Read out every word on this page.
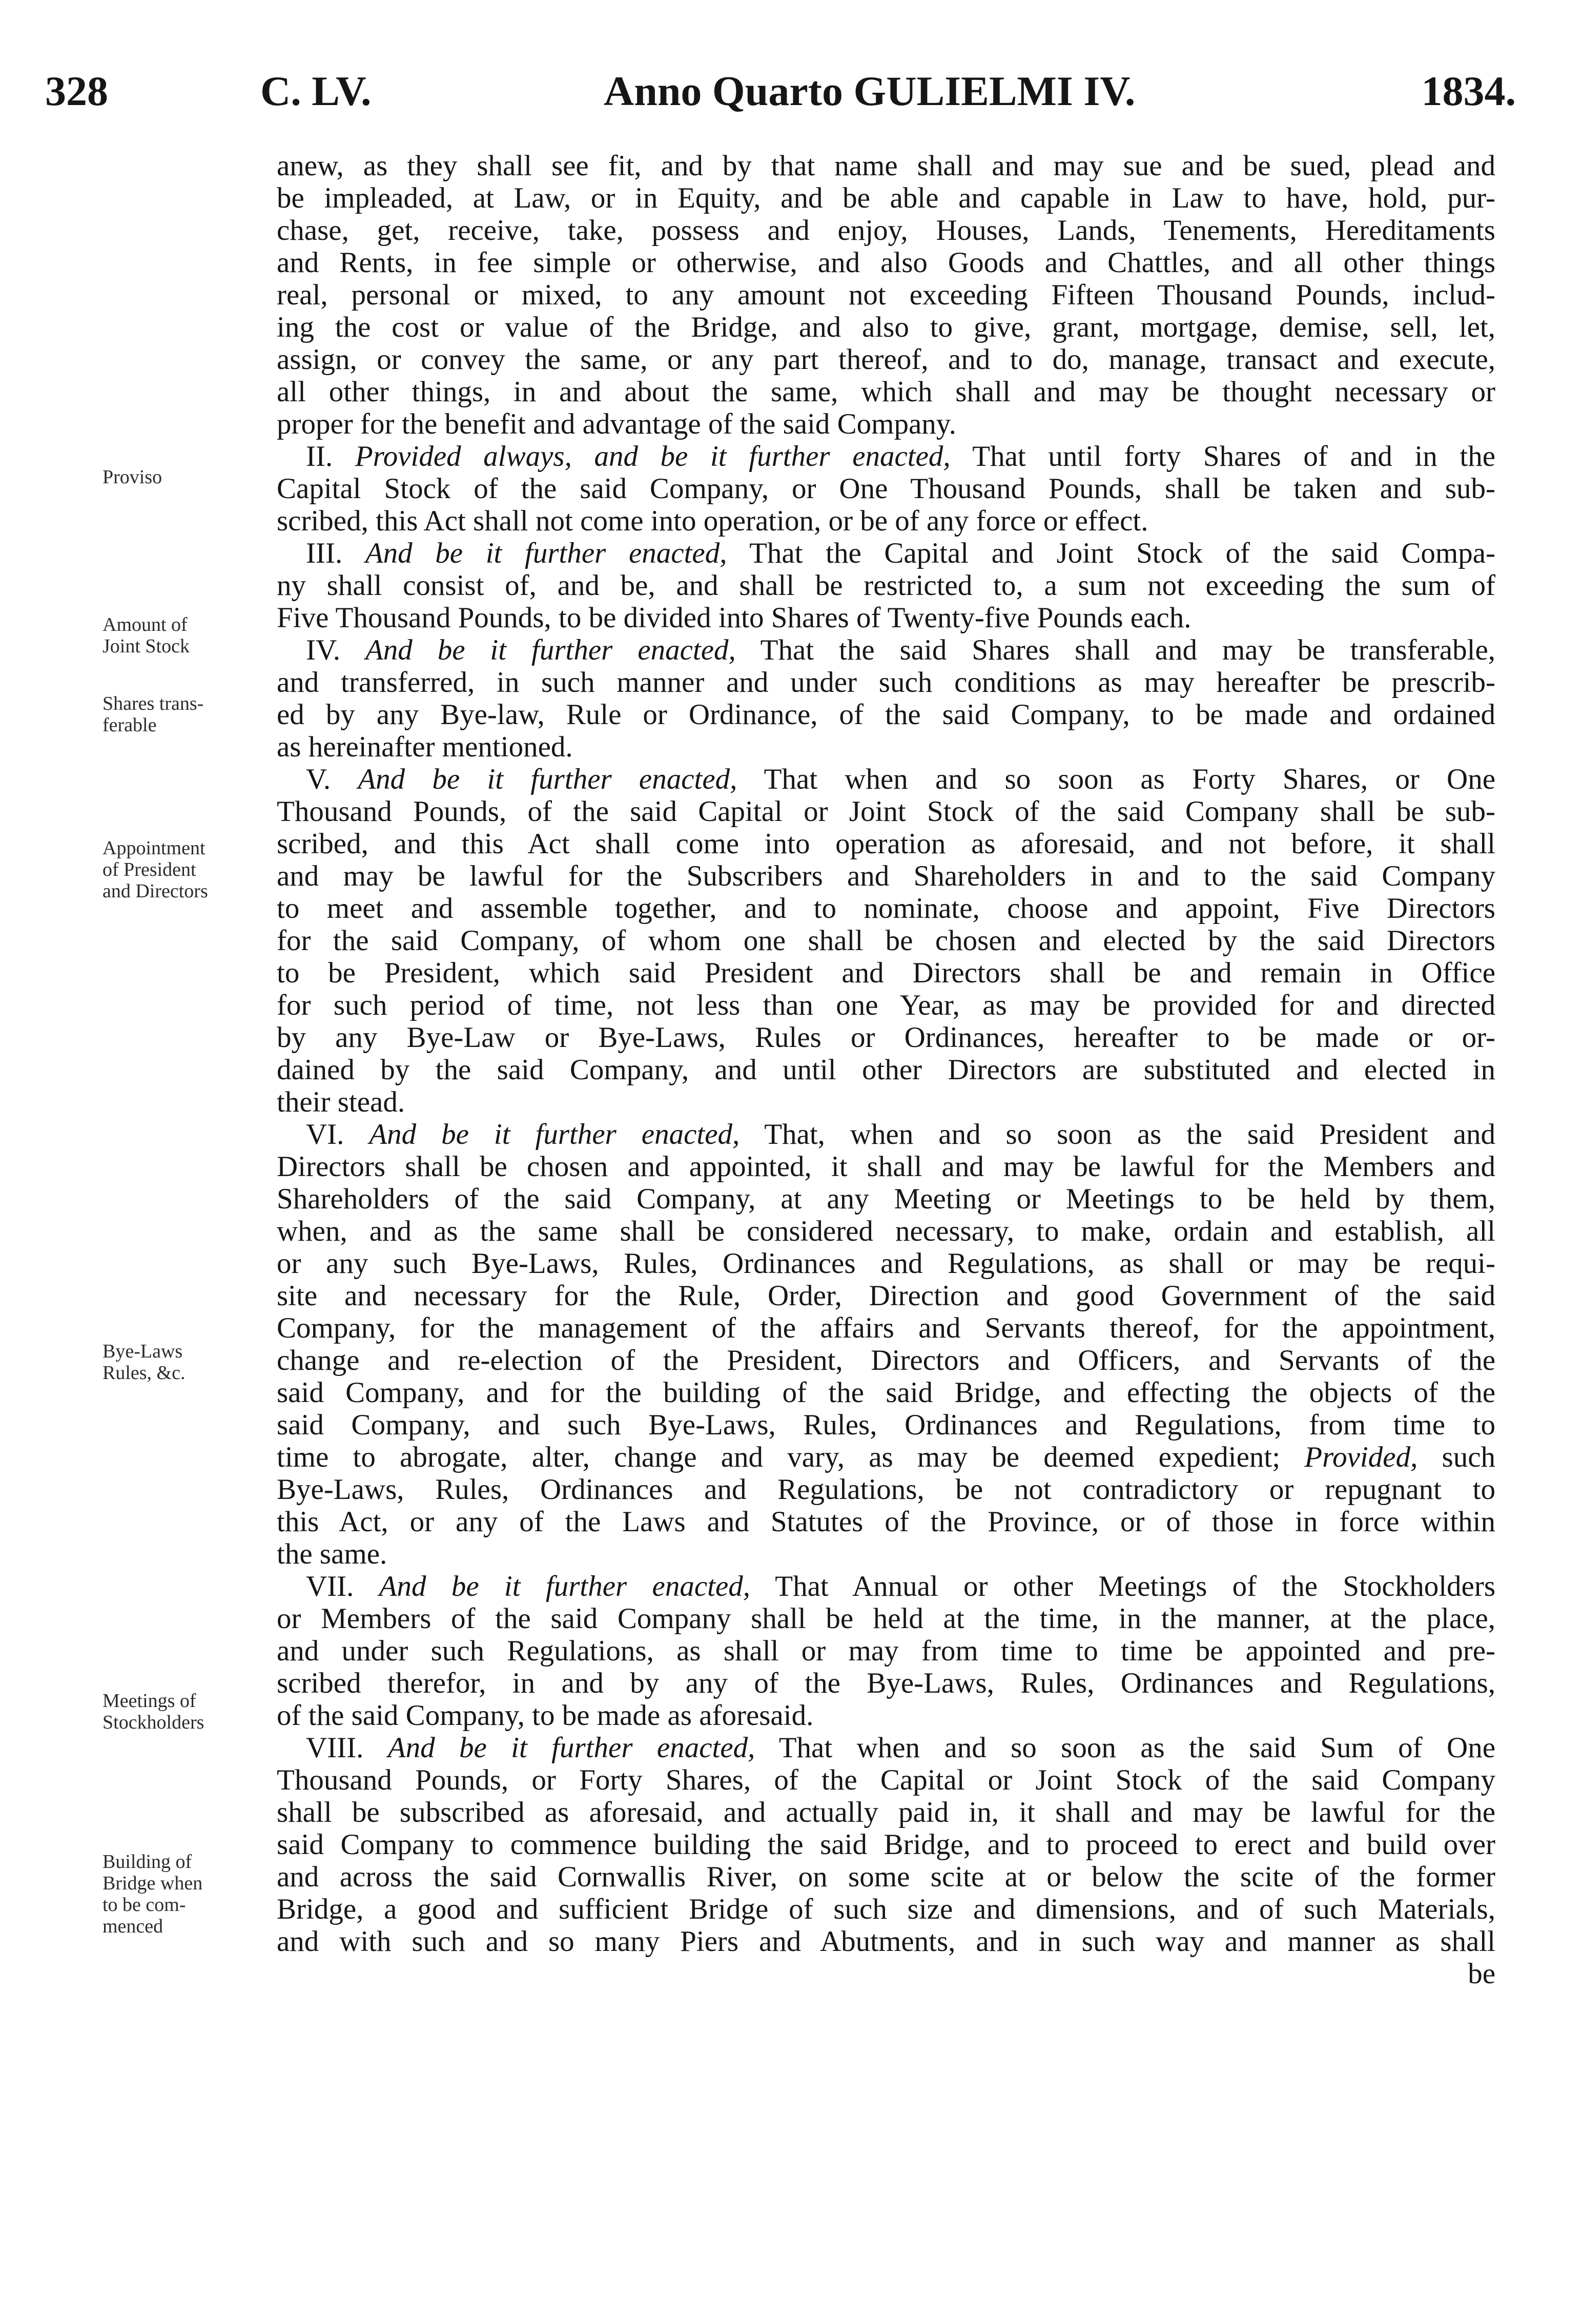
328	C. LV.	Anno Quarto GULIELMI IV.	1834.
Proviso
Amount of
Joint Stock
Shares trans-
ferable
Appointment
of President
and Directors
Bye-Laws
Rules, &c.
Meetings of
Stockholders
Building of
Bridge when
to be com-
menced
anew, as they shall see fit, and by that name shall and may sue and be sued, plead and
be impleaded, at Law, or in Equity, and be able and capable in Law to have, hold, pur-
chase, get, receive, take, possess and enjoy, Houses, Lands, Tenements, Hereditaments
and Rents, in fee simple or otherwise, and also Goods and Chattles, and all other things
real, personal or mixed, to any amount not exceeding Fifteen Thousand Pounds, includ-
ing the cost or value of the Bridge, and also to give, grant, mortgage, demise, sell, let,
assign, or convey the same, or any part thereof, and to do, manage, transact and execute,
all other things, in and about the same, which shall and may be thought necessary or
proper for the benefit and advantage of the said Company.
 II. Provided always, and be it further enacted, That until forty Shares of and in the
Capital Stock of the said Company, or One Thousand Pounds, shall be taken and sub-
scribed, this Act shall not come into operation, or be of any force or effect.
 III. And be it further enacted, That the Capital and Joint Stock of the said Compa-
ny shall consist of, and be, and shall be restricted to, a sum not exceeding the sum of
Five Thousand Pounds, to be divided into Shares of Twenty-five Pounds each.
 IV. And be it further enacted, That the said Shares shall and may be transferable,
and transferred, in such manner and under such conditions as may hereafter be prescrib-
ed by any Bye-law, Rule or Ordinance, of the said Company, to be made and ordained
as hereinafter mentioned.
 V. And be it further enacted, That when and so soon as Forty Shares, or One
Thousand Pounds, of the said Capital or Joint Stock of the said Company shall be sub-
scribed, and this Act shall come into operation as aforesaid, and not before, it shall
and may be lawful for the Subscribers and Shareholders in and to the said Company
to meet and assemble together, and to nominate, choose and appoint, Five Directors
for the said Company, of whom one shall be chosen and elected by the said Directors
to be President, which said President and Directors shall be and remain in Office
for such period of time, not less than one Year, as may be provided for and directed
by any Bye-Law or Bye-Laws, Rules or Ordinances, hereafter to be made or or-
dained by the said Company, and until other Directors are substituted and elected in
their stead.
 VI. And be it further enacted, That, when and so soon as the said President and
Directors shall be chosen and appointed, it shall and may be lawful for the Members and
Shareholders of the said Company, at any Meeting or Meetings to be held by them,
when, and as the same shall be considered necessary, to make, ordain and establish, all
or any such Bye-Laws, Rules, Ordinances and Regulations, as shall or may be requi-
site and necessary for the Rule, Order, Direction and good Government of the said
Company, for the management of the affairs and Servants thereof, for the appointment,
change and re-election of the President, Directors and Officers, and Servants of the
said Company, and for the building of the said Bridge, and effecting the objects of the
said Company, and such Bye-Laws, Rules, Ordinances and Regulations, from time to
time to abrogate, alter, change and vary, as may be deemed expedient; Provided, such
Bye-Laws, Rules, Ordinances and Regulations, be not contradictory or repugnant to
this Act, or any of the Laws and Statutes of the Province, or of those in force within
the same.
 VII. And be it further enacted, That Annual or other Meetings of the Stockholders
or Members of the said Company shall be held at the time, in the manner, at the place,
and under such Regulations, as shall or may from time to time be appointed and pre-
scribed therefor, in and by any of the Bye-Laws, Rules, Ordinances and Regulations,
of the said Company, to be made as aforesaid.
 VIII. And be it further enacted, That when and so soon as the said Sum of One
Thousand Pounds, or Forty Shares, of the Capital or Joint Stock of the said Company
shall be subscribed as aforesaid, and actually paid in, it shall and may be lawful for the
said Company to commence building the said Bridge, and to proceed to erect and build over
and across the said Cornwallis River, on some scite at or below the scite of the former
Bridge, a good and sufficient Bridge of such size and dimensions, and of such Materials,
and with such and so many Piers and Abutments, and in such way and manner as shall
be
